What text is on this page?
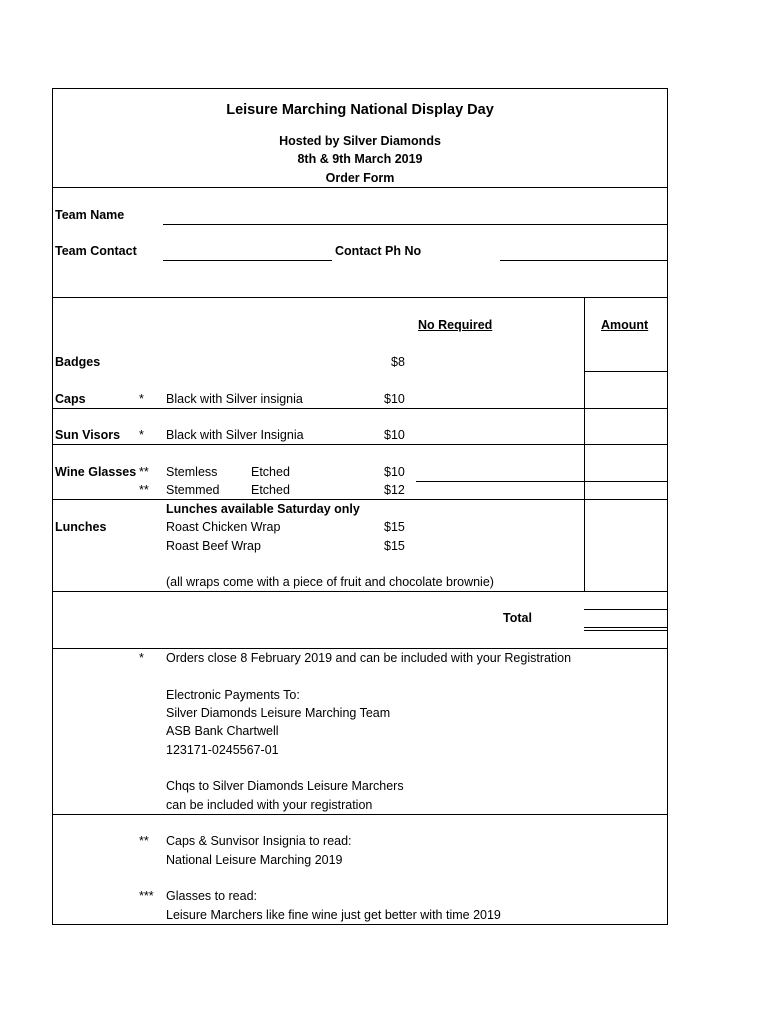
Leisure Marching National Display Day
Hosted by Silver Diamonds
8th & 9th March 2019
Order Form
Team Name
Team Contact	Contact Ph No
No Required	Amount
Badges	$8
Caps	* Black with Silver insignia	$10
Sun Visors * Black with Silver Insignia	$10
Wine Glasses ** Stemless	Etched	$10
** Stemmed	Etched	$12
Lunches available Saturday only
Lunches	Roast Chicken Wrap	$15
Roast Beef Wrap	$15
(all wraps come with a piece of fruit and chocolate brownie)
Total
* Orders close 8 February 2019 and can be included with your Registration
Electronic Payments To:
Silver Diamonds Leisure Marching Team
ASB Bank Chartwell
123171-0245567-01
Chqs to Silver Diamonds Leisure Marchers
can be included with your registration
** Caps & Sunvisor Insignia to read:
National Leisure Marching 2019
*** Glasses to read:
Leisure Marchers like fine wine just get better with time 2019
